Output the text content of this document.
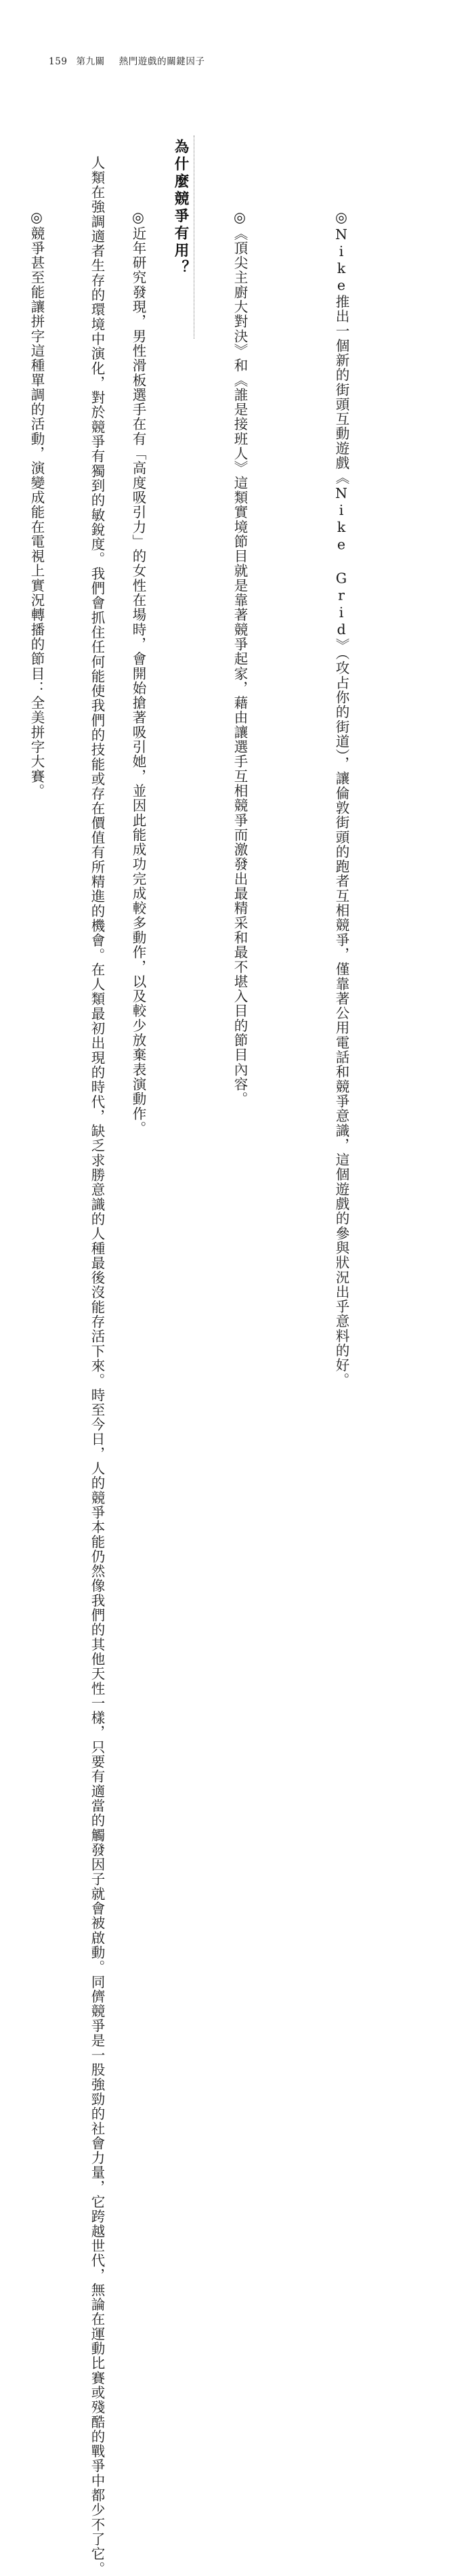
159 第九關 熱門遊戲的關鍵因子

◎Nike推出一個新的街頭互動遊戲《Nike Grid》（攻占你的街道），讓倫敦街頭的跑者互相競爭，僅靠著公用電話和競爭意識，這個遊戲的參與狀況出乎意料的好。

◎《頂尖主廚大對決》和《誰是接班人》這類實境節目就是靠著競爭起家，藉由讓選手互相競爭而激發出最精采和最不堪入目的節目內容。

◎近年研究發現，男性滑板選手在有「高度吸引力」的女性在場時，會開始搶著吸引她，並因此能成功完成較多動作，以及較少放棄表演動作。

◎競爭甚至能讓拼字這種單調的活動，演變成能在電視上實況轉播的節目：全美拼字大賽。

為什麼競爭有用？

　人類在強調適者生存的環境中演化，對於競爭有獨到的敏銳度。我們會抓住任何能使我們的技能或存在價值有所精進的機會。在人類最初出現的時代，缺乏求勝意識的人種最後沒能存活下來。時至今日，人的競爭本能仍然像我們的其他天性一樣，只要有適當的觸發因子就會被啟動。同儕競爭是一股強勁的社會力量，它跨越世代，無論在運動比賽或殘酷的戰爭中都少不了它。
